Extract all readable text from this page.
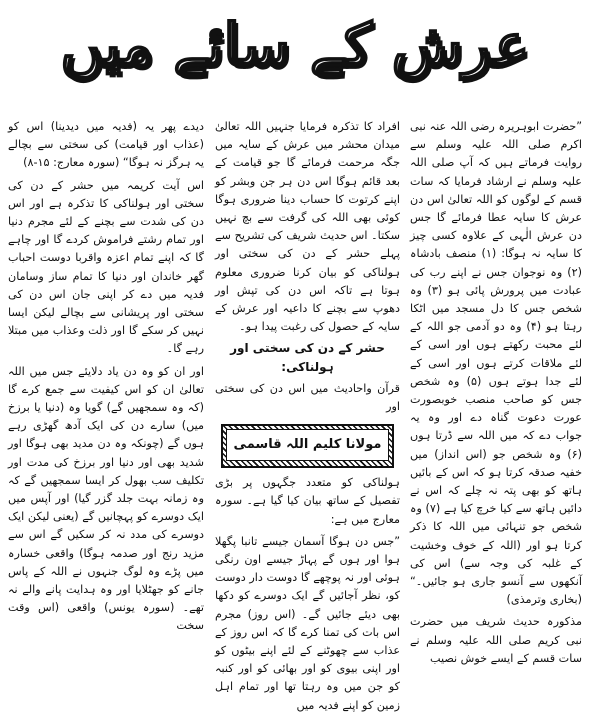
عرش کے سائے میں

”حضرت ابوہریرہ رضی اللہ عنہ نبی اکرم صلی اللہ علیہ وسلم سے روایت فرماتے ہیں کہ آپ صلی اللہ علیہ وسلم نے ارشاد فرمایا کہ سات قسم کے لوگوں کو اللہ تعالیٰ اس دن عرش کا سایہ عطا فرمائے گا جس دن عرش الٰہی کے علاوہ کسی چیز کا سایہ نہ ہوگا: (۱) منصف بادشاہ (۲) وہ نوجوان جس نے اپنے رب کی عبادت میں پرورش پائی ہو (۳) وہ شخص جس کا دل مسجد میں اٹکا رہتا ہو (۴) وہ دو آدمی جو اللہ کے لئے محبت رکھتے ہوں اور اسی کے لئے ملاقات کرتے ہوں اور اسی کے لئے جدا ہوتے ہوں (۵) وہ شخص جس کو صاحب منصب خوبصورت عورت دعوت گناہ دے اور وہ یہ جواب دے کہ میں اللہ سے ڈرتا ہوں (۶) وہ شخص جو (اس انداز) میں خفیہ صدقہ کرتا ہو کہ اس کے بائیں ہاتھ کو بھی پتہ نہ چلے کہ اس نے دائیں ہاتھ سے کیا خرچ کیا ہے (۷) وہ شخص جو تنہائی میں اللہ کا ذکر کرتا ہو اور (اللہ کے خوف وخشیت کے غلبہ کی وجہ سے) اس کی آنکھوں سے آنسو جاری ہو جائیں۔“ (بخاری وترمذی)

مذکورہ حدیث شریف میں حضرت نبی کریم صلی اللہ علیہ وسلم نے سات قسم کے ایسے خوش نصیب

افراد کا تذکرہ فرمایا جنہیں اللہ تعالیٰ میدان محشر میں عرش کے سایہ میں جگہ مرحمت فرمائے گا جو قیامت کے بعد قائم ہوگا اس دن ہر جن وبشر کو اپنے کرتوت کا حساب دینا ضروری ہوگا کوئی بھی اللہ کی گرفت سے بچ نہیں سکتا۔ اس حدیث شریف کی تشریح سے پہلے حشر کے دن کی سختی اور ہولناکی کو بیان کرنا ضروری معلوم ہوتا ہے تاکہ اس دن کی تپش اور دھوپ سے بچنے کا داعیہ اور عرش کے سایہ کے حصول کی رغبت پیدا ہو۔

حشر کے دن کی سختی اور ہولناکی:

قرآن واحادیث میں اس دن کی سختی اور

مولانا کلیم اللہ قاسمی

ہولناکی کو متعدد جگہوں پر بڑی تفصیل کے ساتھ بیان کیا گیا ہے۔ سورہ معارج میں ہے:

”جس دن ہوگا آسمان جیسے تانبا پگھلا ہوا اور ہوں گے پہاڑ جیسے اون رنگی ہوئی اور نہ پوچھے گا دوست دار دوست کو، نظر آجائیں گے ایک دوسرے کو دکھا بھی دیئے جائیں گے۔ (اس روز) مجرم اس بات کی تمنا کرے گا کہ اس روز کے عذاب سے چھوٹنے کے لئے اپنے بیٹوں کو اور اپنی بیوی کو اور بھائی کو اور کنبہ کو جن میں وہ رہتا تھا اور تمام اہل زمین کو اپنے فدیہ میں

دیدے پھر یہ (فدیہ میں دیدینا) اس کو (عذاب اور قیامت) کی سختی سے بچالے یہ ہرگز نہ ہوگا“ (سورہ معارج: ۱۵-۸)

اس آیت کریمہ میں حشر کے دن کی سختی اور ہولناکی کا تذکرہ ہے اور اس دن کی شدت سے بچنے کے لئے مجرم دنیا اور تمام رشتے فراموش کردے گا اور چاہے گا کہ اپنے تمام اعزہ واقربا دوست احباب گھر خاندان اور دنیا کا تمام ساز وسامان فدیہ میں دے کر اپنی جان اس دن کی سختی اور پریشانی سے بچالے لیکن ایسا نہیں کر سکے گا اور ذلت وعذاب میں مبتلا رہے گا۔

اور ان کو وہ دن یاد دلایئے جس میں اللہ تعالیٰ ان کو اس کیفیت سے جمع کرے گا (کہ وہ سمجھیں گے) گویا وہ (دنیا یا برزخ میں) سارے دن کی ایک آدھ گھڑی رہے ہوں گے (چونکہ وہ دن مدید بھی ہوگا اور شدید بھی اور دنیا اور برزخ کی مدت اور تکلیف سب بھول کر ایسا سمجھیں گے کہ وہ زمانہ بہت جلد گزر گیا) اور آپس میں ایک دوسرے کو پہچانیں گے (یعنی لیکن ایک دوسرے کی مدد نہ کر سکیں گے اس سے مزید رنج اور صدمہ ہوگا) واقعی خسارہ میں پڑے وہ لوگ جنہوں نے اللہ کے پاس جانے کو جھٹلایا اور وہ ہدایت پانے والے نہ تھے۔ (سورہ یونس) واقعی (اس وقت سخت
